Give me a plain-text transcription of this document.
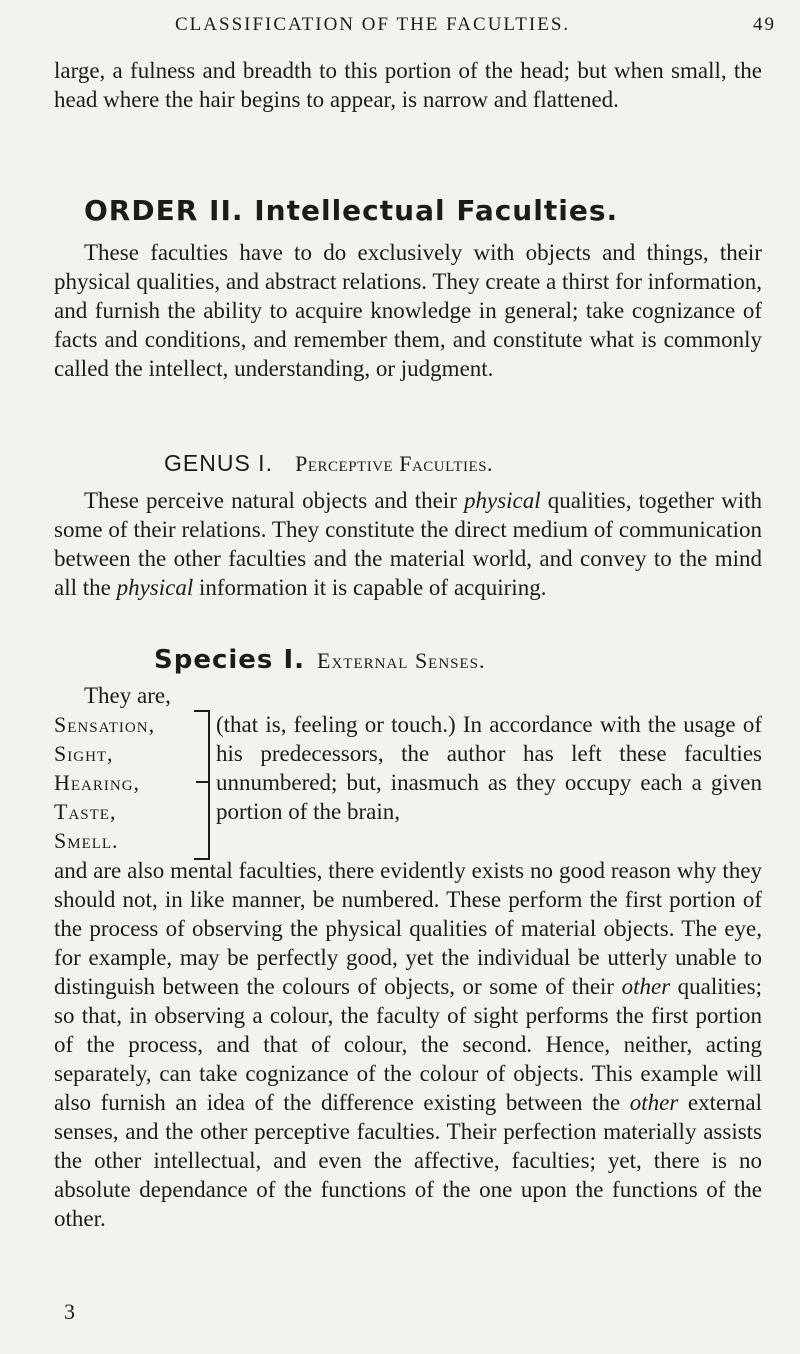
CLASSIFICATION OF THE FACULTIES.	49

large, a fulness and breadth to this portion of the head; but when small, the head where the hair begins to appear, is narrow and flattened.

ORDER II. Intellectual Faculties.

These faculties have to do exclusively with objects and things, their physical qualities, and abstract relations. They create a thirst for information, and furnish the ability to acquire knowledge in general; take cognizance of facts and conditions, and remember them, and constitute what is commonly called the intellect, understanding, or judgment.

GENUS I. Perceptive Faculties.

These perceive natural objects and their physical qualities, together with some of their relations. They constitute the direct medium of communication between the other faculties and the material world, and convey to the mind all the physical information it is capable of acquiring.

Species I. External Senses.
They are,
Sensation,
Sight,
Hearing,
Taste,
Smell.

(that is, feeling or touch.) In accordance with the usage of his predecessors, the author has left these faculties unnumbered; but, inasmuch as they occupy each a given portion of the brain,

and are also mental faculties, there evidently exists no good reason why they should not, in like manner, be numbered. These perform the first portion of the process of observing the physical qualities of material objects. The eye, for example, may be perfectly good, yet the individual be utterly unable to distinguish between the colours of objects, or some of their other qualities; so that, in observing a colour, the faculty of sight performs the first portion of the process, and that of colour, the second. Hence, neither, acting separately, can take cognizance of the colour of objects. This example will also furnish an idea of the difference existing between the other external senses, and the other perceptive faculties. Their perfection materially assists the other intellectual, and even the affective, faculties; yet, there is no absolute dependance of the functions of the one upon the functions of the other.

3
